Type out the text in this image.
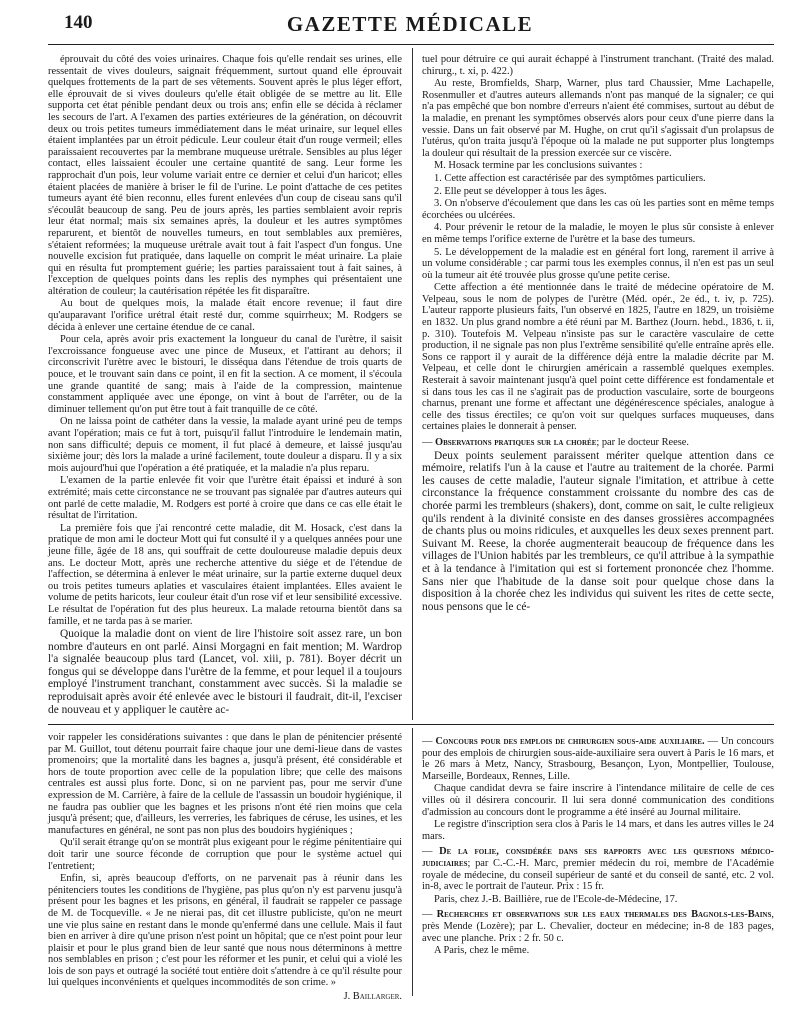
140	GAZETTE MÉDICALE

éprouvait du côté des voies urinaires. Chaque fois qu'elle rendait ses urines, elle ressentait de vives douleurs, saignait fréquemment, surtout quand elle éprouvait quelques frottements de la part de ses vêtements. Souvent après le plus léger effort, elle éprouvait de si vives douleurs qu'elle était obligée de se mettre au lit. Elle supporta cet état pénible pendant deux ou trois ans; enfin elle se décida à réclamer les secours de l'art. A l'examen des parties extérieures de la génération, on découvrit deux ou trois petites tumeurs immédiatement dans le méat urinaire, sur lequel elles étaient implantées par un étroit pédicule. Leur couleur était d'un rouge vermeil; elles paraissaient recouvertes par la membrane muqueuse urétrale. Sensibles au plus léger contact, elles laissaient écouler une certaine quantité de sang. Leur forme les rapprochait d'un pois, leur volume variait entre ce dernier et celui d'un haricot; elles étaient placées de manière à briser le fil de l'urine. Le point d'attache de ces petites tumeurs ayant été bien reconnu, elles furent enlevées d'un coup de ciseau sans qu'il s'écoulât beaucoup de sang. Peu de jours après, les parties semblaient avoir repris leur état normal; mais six semaines après, la douleur et les autres symptômes reparurent, et bientôt de nouvelles tumeurs, en tout semblables aux premières, s'étaient reformées; la muqueuse urétrale avait tout à fait l'aspect d'un fongus. Une nouvelle excision fut pratiquée, dans laquelle on comprit le méat urinaire. La plaie qui en résulta fut promptement guérie; les parties paraissaient tout à fait saines, à l'exception de quelques points dans les replis des nymphes qui présentaient une altération de couleur; la cautérisation répétée les fit disparaître.

Au bout de quelques mois, la malade était encore revenue; il faut dire qu'auparavant l'orifice urétral était resté dur, comme squirrheux; M. Rodgers se décida à enlever une certaine étendue de ce canal.

Pour cela, après avoir pris exactement la longueur du canal de l'urètre, il saisit l'excroissance fongueuse avec une pince de Museux, et l'attirant au dehors; il circonscrivit l'urètre avec le bistouri, le disséqua dans l'étendue de trois quarts de pouce, et le trouvant sain dans ce point, il en fit la section. A ce moment, il s'écoula une grande quantité de sang; mais à l'aide de la compression, maintenue constamment appliquée avec une éponge, on vint à bout de l'arrêter, ou de la diminuer tellement qu'on put être tout à fait tranquille de ce côté.

On ne laissa point de cathéter dans la vessie, la malade ayant uriné peu de temps avant l'opération; mais ce fut à tort, puisqu'il fallut l'introduire le lendemain matin, non sans difficulté; depuis ce moment, il fut placé à demeure, et laissé jusqu'au sixième jour; dès lors la malade a uriné facilement, toute douleur a disparu. Il y a six mois aujourd'hui que l'opération a été pratiquée, et la maladie n'a plus reparu.

L'examen de la partie enlevée fit voir que l'urètre était épaissi et induré à son extrémité; mais cette circonstance ne se trouvant pas signalée par d'autres auteurs qui ont parlé de cette maladie, M. Rodgers est porté à croire que dans ce cas elle était le résultat de l'irritation.

La première fois que j'ai rencontré cette maladie, dit M. Hosack, c'est dans la pratique de mon ami le docteur Mott qui fut consulté il y a quelques années pour une jeune fille, âgée de 18 ans, qui souffrait de cette douloureuse maladie depuis deux ans. Le docteur Mott, après une recherche attentive du siége et de l'étendue de l'affection, se détermina à enlever le méat urinaire, sur la partie externe duquel deux ou trois petites tumeurs aplaties et vasculaires étaient implantées. Elles avaient le volume de petits haricots, leur couleur était d'un rose vif et leur sensibilité excessive. Le résultat de l'opération fut des plus heureux. La malade retourna bientôt dans sa famille, et ne tarda pas à se marier.

Quoique la maladie dont on vient de lire l'histoire soit assez rare, un bon nombre d'auteurs en ont parlé. Ainsi Morgagni en fait mention; M. Wardrop l'a signalée beaucoup plus tard (Lancet, vol. xiii, p. 781). Boyer décrit un fongus qui se développe dans l'urètre de la femme, et pour lequel il a toujours employé l'instrument tranchant, constamment avec succès. Si la maladie se reproduisait après avoir été enlevée avec le bistouri il faudrait, dit-il, l'exciser de nouveau et y appliquer le cautère ac-

tuel pour détruire ce qui aurait échappé à l'instrument tranchant. (Traité des malad. chirurg., t. xi, p. 422.)

Au reste, Bromfields, Sharp, Warner, plus tard Chaussier, Mme Lachapelle, Rosenmuller et d'autres auteurs allemands n'ont pas manqué de la signaler; ce qui n'a pas empêché que bon nombre d'erreurs n'aient été commises, surtout au début de la maladie, en prenant les symptômes observés alors pour ceux d'une pierre dans la vessie. Dans un fait observé par M. Hughe, on crut qu'il s'agissait d'un prolapsus de l'utérus, qu'on traita jusqu'à l'époque où la malade ne put supporter plus longtemps la douleur qui résultait de la pression exercée sur ce viscère.

M. Hosack termine par les conclusions suivantes :

1. Cette affection est caractérisée par des symptômes particuliers.

2. Elle peut se développer à tous les âges.

3. On n'observe d'écoulement que dans les cas où les parties sont en même temps écorchées ou ulcérées.

4. Pour prévenir le retour de la maladie, le moyen le plus sûr consiste à enlever en même temps l'orifice externe de l'urètre et la base des tumeurs.

5. Le développement de la maladie est en général fort long, rarement il arrive à un volume considérable ; car parmi tous les exemples connus, il n'en est pas un seul où la tumeur ait été trouvée plus grosse qu'une petite cerise.

Cette affection a été mentionnée dans le traité de médecine opératoire de M. Velpeau, sous le nom de polypes de l'urètre (Méd. opér., 2e éd., t. iv, p. 725). L'auteur rapporte plusieurs faits, l'un observé en 1825, l'autre en 1829, un troisième en 1832. Un plus grand nombre a été réuni par M. Barthez (Journ. hebd., 1836, t. ii, p. 310). Toutefois M. Velpeau n'insiste pas sur le caractère vasculaire de cette production, il ne signale pas non plus l'extrême sensibilité qu'elle entraîne après elle. Sons ce rapport il y aurait de la différence déjà entre la maladie décrite par M. Velpeau, et celle dont le chirurgien américain a rassemblé quelques exemples. Resterait à savoir maintenant jusqu'à quel point cette différence est fondamentale et si dans tous les cas il ne s'agirait pas de production vasculaire, sorte de bourgeons charnus, prenant une forme et affectant une dégénérescence spéciales, analogue à celle des tissus érectiles; ce qu'on voit sur quelques surfaces muqueuses, dans certaines plaies le donnerait à penser.

— Observations pratiques sur la chorée; par le docteur Reese.

Deux points seulement paraissent mériter quelque attention dans ce mémoire, relatifs l'un à la cause et l'autre au traitement de la chorée. Parmi les causes de cette maladie, l'auteur signale l'imitation, et attribue à cette circonstance la fréquence constamment croissante du nombre des cas de chorée parmi les trembleurs (shakers), dont, comme on sait, le culte religieux qu'ils rendent à la divinité consiste en des danses grossières accompagnées de chants plus ou moins ridicules, et auxquelles les deux sexes prennent part. Suivant M. Reese, la chorée augmenterait beaucoup de fréquence dans les villages de l'Union habités par les trembleurs, ce qu'il attribue à la sympathie et à la tendance à l'imitation qui est si fortement prononcée chez l'homme. Sans nier que l'habitude de la danse soit pour quelque chose dans la disposition à la chorée chez les individus qui suivent les rites de cette secte, nous pensons que le cé-

voir rappeler les considérations suivantes : que dans le plan de pénitencier présenté par M. Guillot, tout détenu pourrait faire chaque jour une demi-lieue dans de vastes promenoirs; que la mortalité dans les bagnes a, jusqu'à présent, été considérable et hors de toute proportion avec celle de la population libre; que celle des maisons centrales est aussi plus forte. Donc, si on ne parvient pas, pour me servir d'une expression de M. Carrière, à faire de la cellule de l'assassin un boudoir hygiénique, il ne faudra pas oublier que les bagnes et les prisons n'ont été rien moins que cela jusqu'à présent; que, d'ailleurs, les verreries, les fabriques de céruse, les usines, et les manufactures en général, ne sont pas non plus des boudoirs hygiéniques ;

Qu'il serait étrange qu'on se montrât plus exigeant pour le régime pénitentiaire qui doit tarir une source féconde de corruption que pour le système actuel qui l'entretient;

Enfin, si, après beaucoup d'efforts, on ne parvenait pas à réunir dans les pénitenciers toutes les conditions de l'hygiène, pas plus qu'on n'y est parvenu jusqu'à présent pour les bagnes et les prisons, en général, il faudrait se rappeler ce passage de M. de Tocqueville. « Je ne nierai pas, dit cet illustre publiciste, qu'on ne meurt une vie plus saine en restant dans le monde qu'enfermé dans une cellule. Mais il faut bien en arriver à dire qu'une prison n'est point un hôpital; que ce n'est point pour leur plaisir et pour le plus grand bien de leur santé que nous nous déterminons à mettre nos semblables en prison ; c'est pour les réformer et les punir, et celui qui a violé les lois de son pays et outragé la société tout entière doit s'attendre à ce qu'il résulte pour lui quelques inconvénients et quelques incommodités de son crime. »

J. Baillarger.

— Concours pour des emplois de chirurgien sous-aide auxiliaire. — Un concours pour des emplois de chirurgien sous-aide-auxiliaire sera ouvert à Paris le 16 mars, et le 26 mars à Metz, Nancy, Strasbourg, Besançon, Lyon, Montpellier, Toulouse, Marseille, Bordeaux, Rennes, Lille.

Chaque candidat devra se faire inscrire à l'intendance militaire de celle de ces villes où il désirera concourir. Il lui sera donné communication des conditions d'admission au concours dont le programme a été inséré au Journal militaire.

Le registre d'inscription sera clos à Paris le 14 mars, et dans les autres villes le 24 mars.

— De la folie, considérée dans ses rapports avec les questions médico-judiciaires; par C.-C.-H. Marc, premier médecin du roi, membre de l'Académie royale de médecine, du conseil supérieur de santé et du conseil de santé, etc. 2 vol. in-8, avec le portrait de l'auteur. Prix : 15 fr.

Paris, chez J.-B. Baillière, rue de l'Ecole-de-Médecine, 17.

— Recherches et observations sur les eaux thermales des Bagnols-les-Bains, près Mende (Lozère); par L. Chevalier, docteur en médecine; in-8 de 183 pages, avec une planche. Prix : 2 fr. 50 c.

A Paris, chez le même.
